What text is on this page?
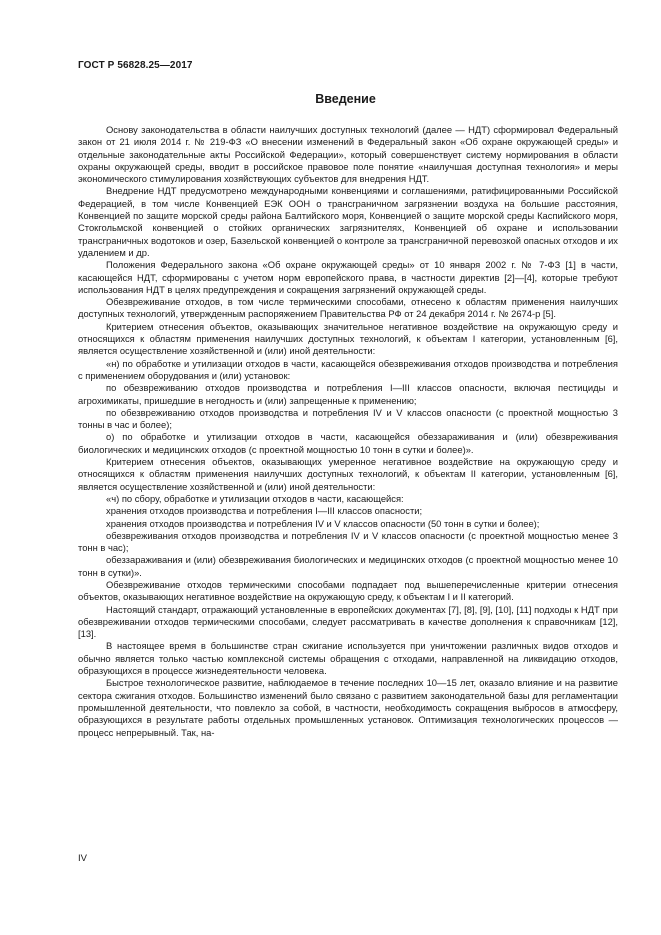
ГОСТ Р 56828.25—2017
Введение

Основу законодательства в области наилучших доступных технологий (далее — НДТ) сформировал Федеральный закон от 21 июля 2014 г. № 219-ФЗ «О внесении изменений в Федеральный закон «Об охране окружающей среды» и отдельные законодательные акты Российской Федерации», который совершенствует систему нормирования в области охраны окружающей среды, вводит в российское правовое поле понятие «наилучшая доступная технология» и меры экономического стимулирования хозяйствующих субъектов для внедрения НДТ.

Внедрение НДТ предусмотрено международными конвенциями и соглашениями, ратифицированными Российской Федерацией, в том числе Конвенцией ЕЭК ООН о трансграничном загрязнении воздуха на большие расстояния, Конвенцией по защите морской среды района Балтийского моря, Конвенцией о защите морской среды Каспийского моря, Стокгольмской конвенцией о стойких органических загрязнителях, Конвенцией об охране и использовании трансграничных водотоков и озер, Базельской конвенцией о контроле за трансграничной перевозкой опасных отходов и их удалением и др.

Положения Федерального закона «Об охране окружающей среды» от 10 января 2002 г. № 7-ФЗ [1] в части, касающейся НДТ, сформированы с учетом норм европейского права, в частности директив [2]—[4], которые требуют использования НДТ в целях предупреждения и сокращения загрязнений окружающей среды.

Обезвреживание отходов, в том числе термическими способами, отнесено к областям применения наилучших доступных технологий, утвержденным распоряжением Правительства РФ от 24 декабря 2014 г. № 2674-р [5].

Критерием отнесения объектов, оказывающих значительное негативное воздействие на окружающую среду и относящихся к областям применения наилучших доступных технологий, к объектам I категории, установленным [6], является осуществление хозяйственной и (или) иной деятельности:

«н) по обработке и утилизации отходов в части, касающейся обезвреживания отходов производства и потребления с применением оборудования и (или) установок:

по обезвреживанию отходов производства и потребления I—III классов опасности, включая пестициды и агрохимикаты, пришедшие в негодность и (или) запрещенные к применению;

по обезвреживанию отходов производства и потребления IV и V классов опасности (с проектной мощностью 3 тонны в час и более);

о) по обработке и утилизации отходов в части, касающейся обеззараживания и (или) обезвреживания биологических и медицинских отходов (с проектной мощностью 10 тонн в сутки и более)».

Критерием отнесения объектов, оказывающих умеренное негативное воздействие на окружающую среду и относящихся к областям применения наилучших доступных технологий, к объектам II категории, установленным [6], является осуществление хозяйственной и (или) иной деятельности:

«ч) по сбору, обработке и утилизации отходов в части, касающейся:

хранения отходов производства и потребления I—III классов опасности;

хранения отходов производства и потребления IV и V классов опасности (50 тонн в сутки и более);

обезвреживания отходов производства и потребления IV и V классов опасности (с проектной мощностью менее 3 тонн в час);

обеззараживания и (или) обезвреживания биологических и медицинских отходов (с проектной мощностью менее 10 тонн в сутки)».

Обезвреживание отходов термическими способами подпадает под вышеперечисленные критерии отнесения объектов, оказывающих негативное воздействие на окружающую среду, к объектам I и II категорий.

Настоящий стандарт, отражающий установленные в европейских документах [7], [8], [9], [10], [11] подходы к НДТ при обезвреживании отходов термическими способами, следует рассматривать в качестве дополнения к справочникам [12], [13].

В настоящее время в большинстве стран сжигание используется при уничтожении различных видов отходов и обычно является только частью комплексной системы обращения с отходами, направленной на ликвидацию отходов, образующихся в процессе жизнедеятельности человека.

Быстрое технологическое развитие, наблюдаемое в течение последних 10—15 лет, оказало влияние и на развитие сектора сжигания отходов. Большинство изменений было связано с развитием законодательной базы для регламентации промышленной деятельности, что повлекло за собой, в частности, необходимость сокращения выбросов в атмосферу, образующихся в результате работы отдельных промышленных установок. Оптимизация технологических процессов — процесс непрерывный. Так, на-

IV
